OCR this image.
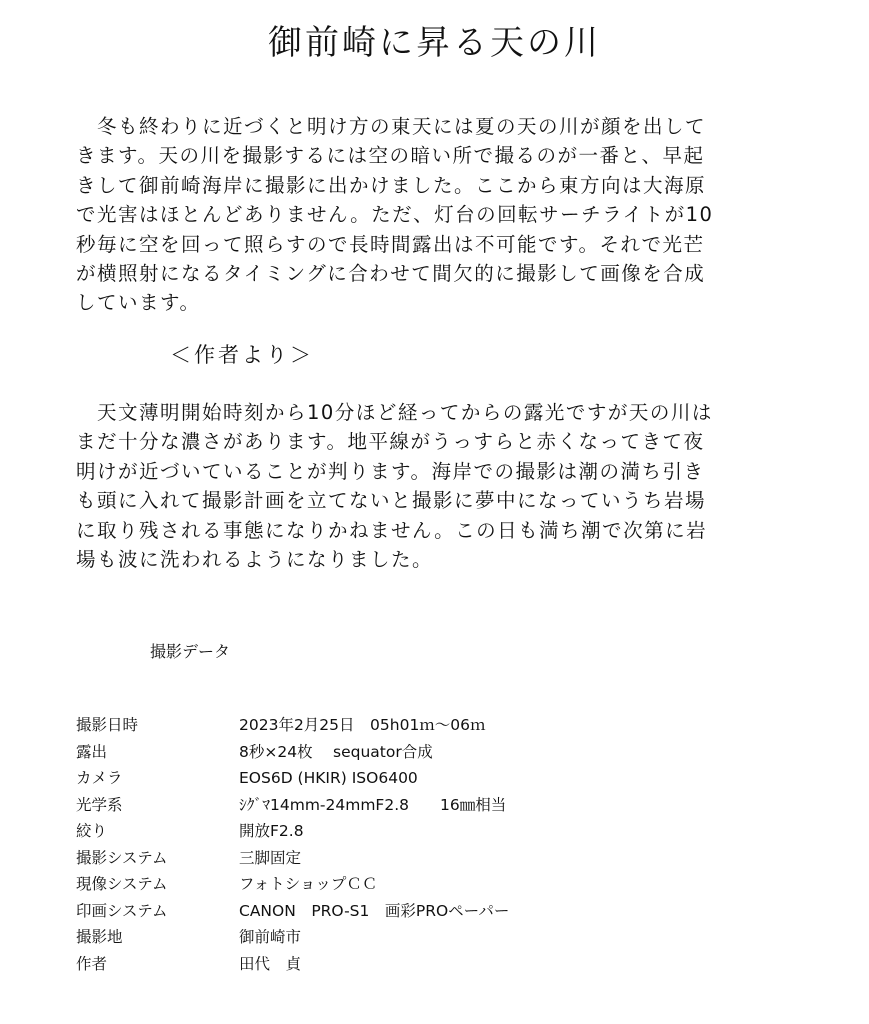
御前崎に昇る天の川

　冬も終わりに近づくと明け方の東天には夏の天の川が顔を出して
きます。天の川を撮影するには空の暗い所で撮るのが一番と、早起
きして御前崎海岸に撮影に出かけました。ここから東方向は大海原
で光害はほとんどありません。ただ、灯台の回転サーチライトが10
秒毎に空を回って照らすので長時間露出は不可能です。それで光芒
が横照射になるタイミングに合わせて間欠的に撮影して画像を合成
しています。

＜作者より＞

　天文薄明開始時刻から10分ほど経ってからの露光ですが天の川は
まだ十分な濃さがあります。地平線がうっすらと赤くなってきて夜
明けが近づいていることが判ります。海岸での撮影は潮の満ち引き
も頭に入れて撮影計画を立てないと撮影に夢中になっていうち岩場
に取り残される事態になりかねません。この日も満ち潮で次第に岩
場も波に洗われるようになりました。

撮影データ

撮影日時	2023年2月25日　05h01ｍ～06ｍ
露出	8秒×24枚　 sequator合成
カメラ	EOS6D (HKIR) ISO6400
光学系	ｼｸﾞﾏ14mm-24mmF2.8　　16㎜相当
絞り	開放F2.8
撮影システム	三脚固定
現像システム	フォトショップＣＣ
印画システム	CANON　PRO-S1　画彩PROペーパー
撮影地	御前崎市
作者	田代　貞
